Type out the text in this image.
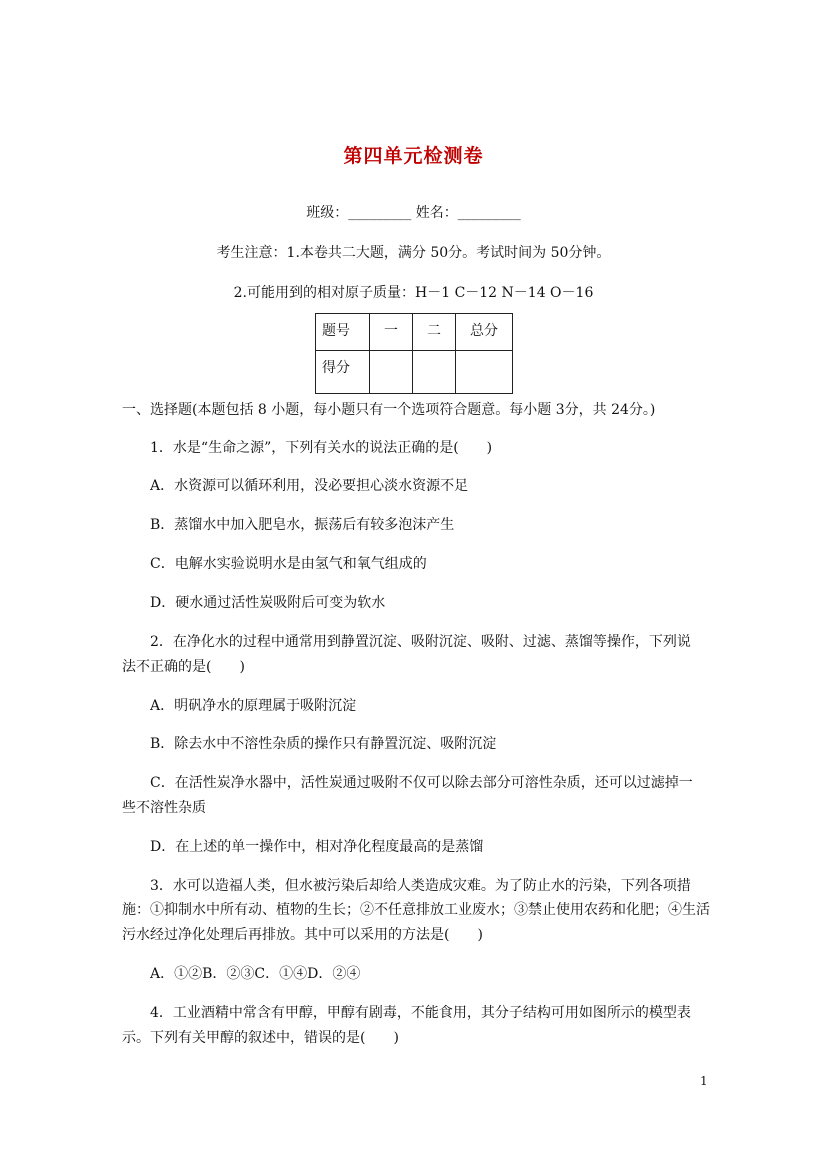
第四单元检测卷
班级：_________ 姓名：_________
考生注意：1.本卷共二大题，满分 50分。考试时间为 50分钟。
2.可能用到的相对原子质量：H－1 C－12 N－14 O－16
题号	一	二	总分
得分			
一、选择题(本题包括 8 小题，每小题只有一个选项符合题意。每小题 3分，共 24分。)
1．水是“生命之源”，下列有关水的说法正确的是(　　)
A．水资源可以循环利用，没必要担心淡水资源不足
B．蒸馏水中加入肥皂水，振荡后有较多泡沫产生
C．电解水实验说明水是由氢气和氧气组成的
D．硬水通过活性炭吸附后可变为软水
2．在净化水的过程中通常用到静置沉淀、吸附沉淀、吸附、过滤、蒸馏等操作，下列说
法不正确的是(　　)
A．明矾净水的原理属于吸附沉淀
B．除去水中不溶性杂质的操作只有静置沉淀、吸附沉淀
C．在活性炭净水器中，活性炭通过吸附不仅可以除去部分可溶性杂质，还可以过滤掉一
些不溶性杂质
D．在上述的单一操作中，相对净化程度最高的是蒸馏
3．水可以造福人类，但水被污染后却给人类造成灾难。为了防止水的污染，下列各项措
施：①抑制水中所有动、植物的生长；②不任意排放工业废水；③禁止使用农药和化肥；④生活
污水经过净化处理后再排放。其中可以采用的方法是(　　)
A．①②B．②③C．①④D．②④
4．工业酒精中常含有甲醇，甲醇有剧毒，不能食用，其分子结构可用如图所示的模型表
示。下列有关甲醇的叙述中，错误的是(　　)
1
